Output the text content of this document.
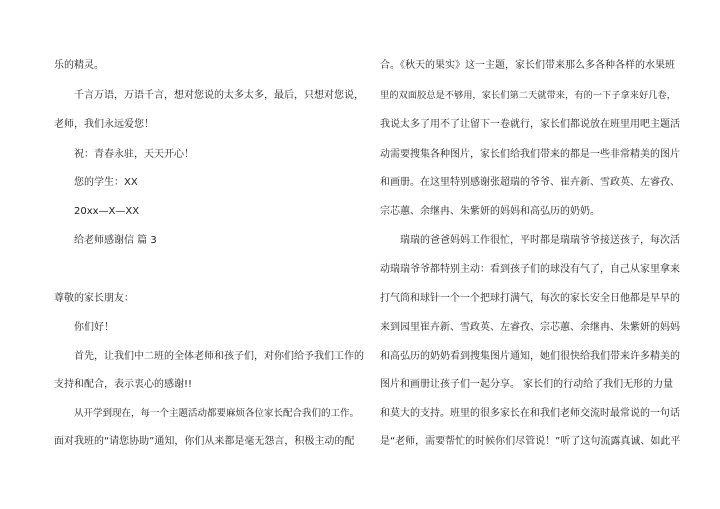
乐的精灵。
千言万语，万语千言，想对您说的太多太多，最后，只想对您说，
老师，我们永远爱您！
祝：青春永驻，天天开心！
您的学生：XX
20xx—X—XX
给老师感谢信 篇 3
尊敬的家长朋友：
你们好！
首先，让我们中二班的全体老师和孩子们，对你们给予我们工作的
支持和配合，表示衷心的感谢!!
从开学到现在，每一个主题活动都要麻烦各位家长配合我们的工作。
面对我班的“请您协助”通知，你们从来都是毫无怨言，积极主动的配
合。《秋天的果实》这一主题，家长们带来那么多各种各样的水果班
里的双面胶总是不够用，家长们第二天就带来，有的一下子拿来好几卷，
我说太多了用不了让留下一卷就行，家长们都说放在班里用吧主题活
动需要搜集各种图片，家长们给我们带来的都是一些非常精美的图片
和画册。在这里特别感谢张超瑞的爷爷、崔卉新、雪政英、左睿孜、
宗芯蕙、余继冉、朱紫妍的妈妈和高弘历的奶奶。
瑞瑞的爸爸妈妈工作很忙，平时都是瑞瑞爷爷接送孩子，每次活
动瑞瑞爷爷都特别主动：看到孩子们的球没有气了，自己从家里拿来
打气筒和球针一个一个把球打满气，每次的家长安全日他都是早早的
来到园里崔卉新、雪政英、左睿孜、宗芯蕙、余继冉、朱紫妍的妈妈
和高弘历的奶奶看到搜集图片通知，她们很快给我们带来许多精美的
图片和画册让孩子们一起分享。 家长们的行动给了我们无形的力量
和莫大的支持。班里的很多家长在和我们老师交流时最常说的一句话
是“老师，需要帮忙的时候你们尽管说！”听了这句流露真诚、如此平
